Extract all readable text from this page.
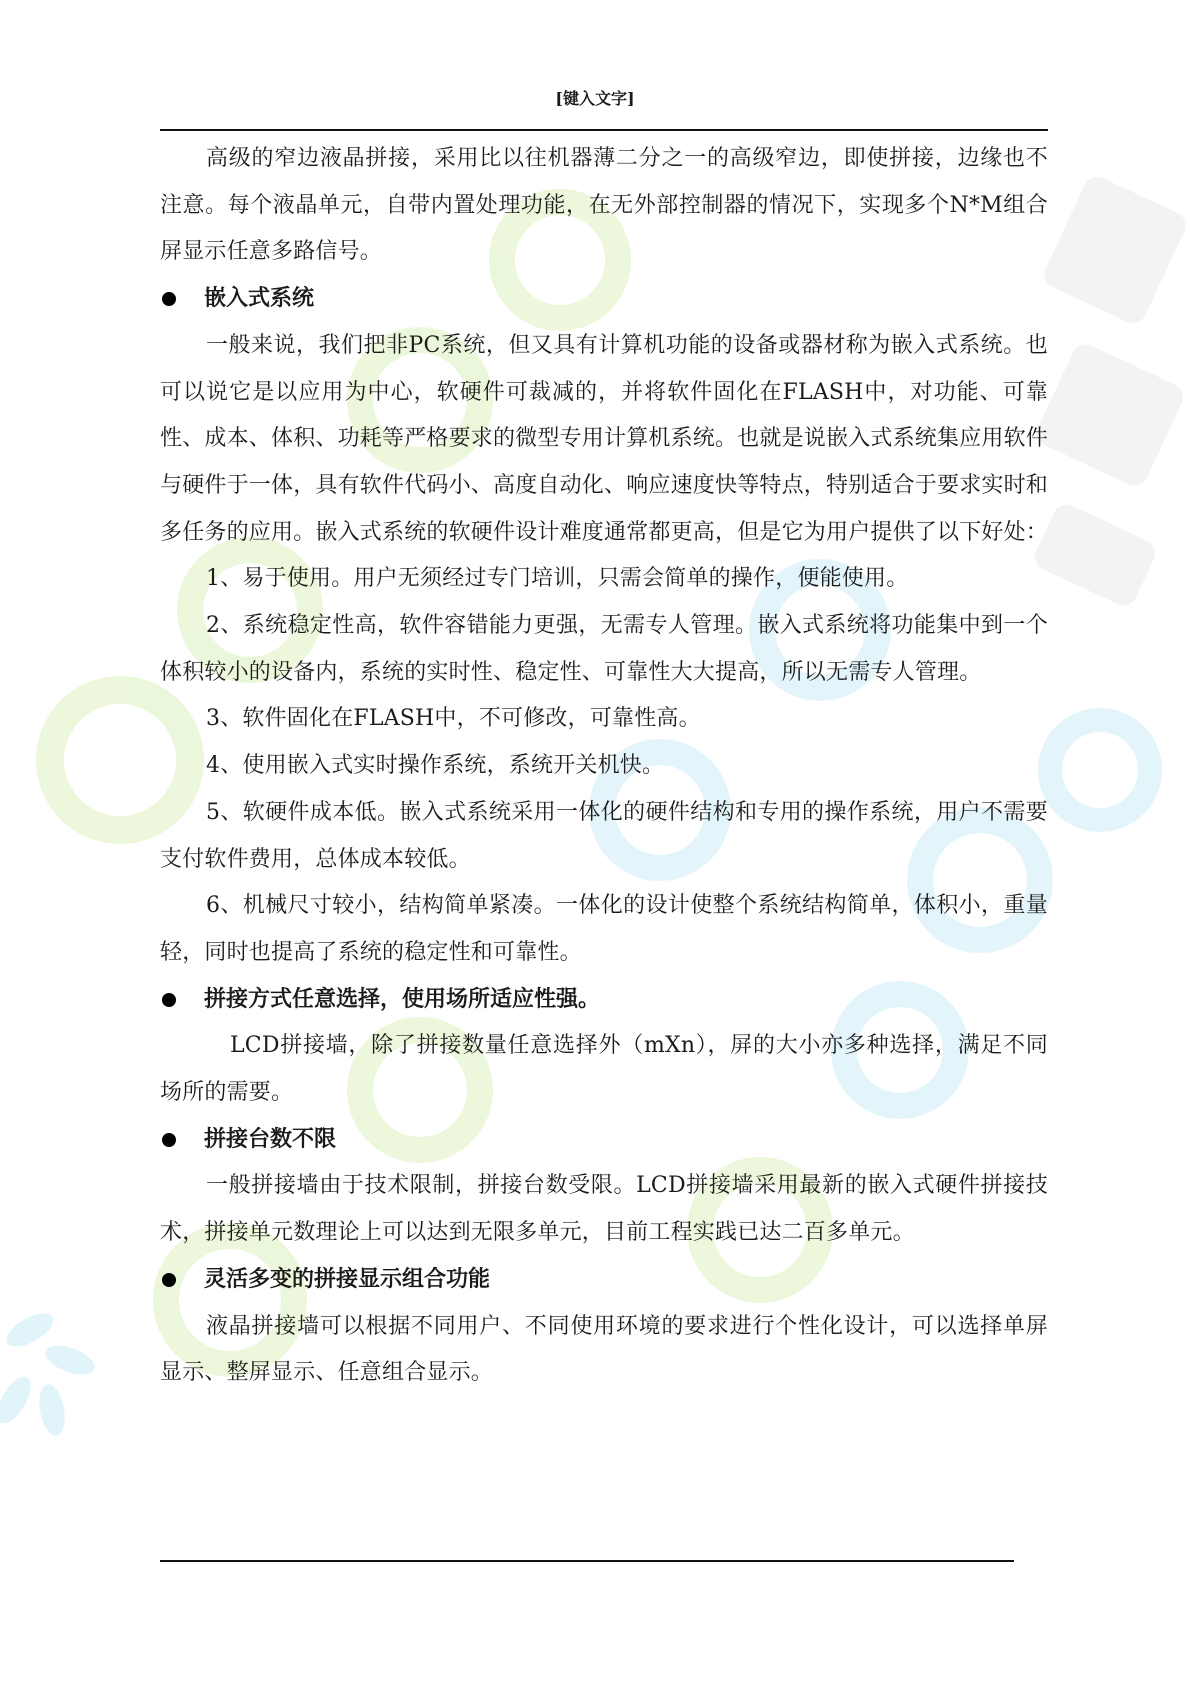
[键入文字]

高级的窄边液晶拼接，采用比以往机器薄二分之一的高级窄边，即使拼接，边缘也不注意。每个液晶单元，自带内置处理功能，在无外部控制器的情况下，实现多个N*M组合屏显示任意多路信号。

嵌入式系统

一般来说，我们把非PC系统，但又具有计算机功能的设备或器材称为嵌入式系统。也可以说它是以应用为中心，软硬件可裁减的，并将软件固化在FLASH中，对功能、可靠性、成本、体积、功耗等严格要求的微型专用计算机系统。也就是说嵌入式系统集应用软件与硬件于一体，具有软件代码小、高度自动化、响应速度快等特点，特别适合于要求实时和多任务的应用。嵌入式系统的软硬件设计难度通常都更高，但是它为用户提供了以下好处：

1、易于使用。用户无须经过专门培训，只需会简单的操作，便能使用。

2、系统稳定性高，软件容错能力更强，无需专人管理。嵌入式系统将功能集中到一个体积较小的设备内，系统的实时性、稳定性、可靠性大大提高，所以无需专人管理。

3、软件固化在FLASH中，不可修改，可靠性高。

4、使用嵌入式实时操作系统，系统开关机快。

5、软硬件成本低。嵌入式系统采用一体化的硬件结构和专用的操作系统，用户不需要支付软件费用，总体成本较低。

6、机械尺寸较小，结构简单紧凑。一体化的设计使整个系统结构简单，体积小，重量轻，同时也提高了系统的稳定性和可靠性。

拼接方式任意选择，使用场所适应性强。

LCD拼接墙，除了拼接数量任意选择外（mXn），屏的大小亦多种选择，满足不同场所的需要。

拼接台数不限

一般拼接墙由于技术限制，拼接台数受限。LCD拼接墙采用最新的嵌入式硬件拼接技术，拼接单元数理论上可以达到无限多单元，目前工程实践已达二百多单元。

灵活多变的拼接显示组合功能

液晶拼接墙可以根据不同用户、不同使用环境的要求进行个性化设计，可以选择单屏显示、整屏显示、任意组合显示。
